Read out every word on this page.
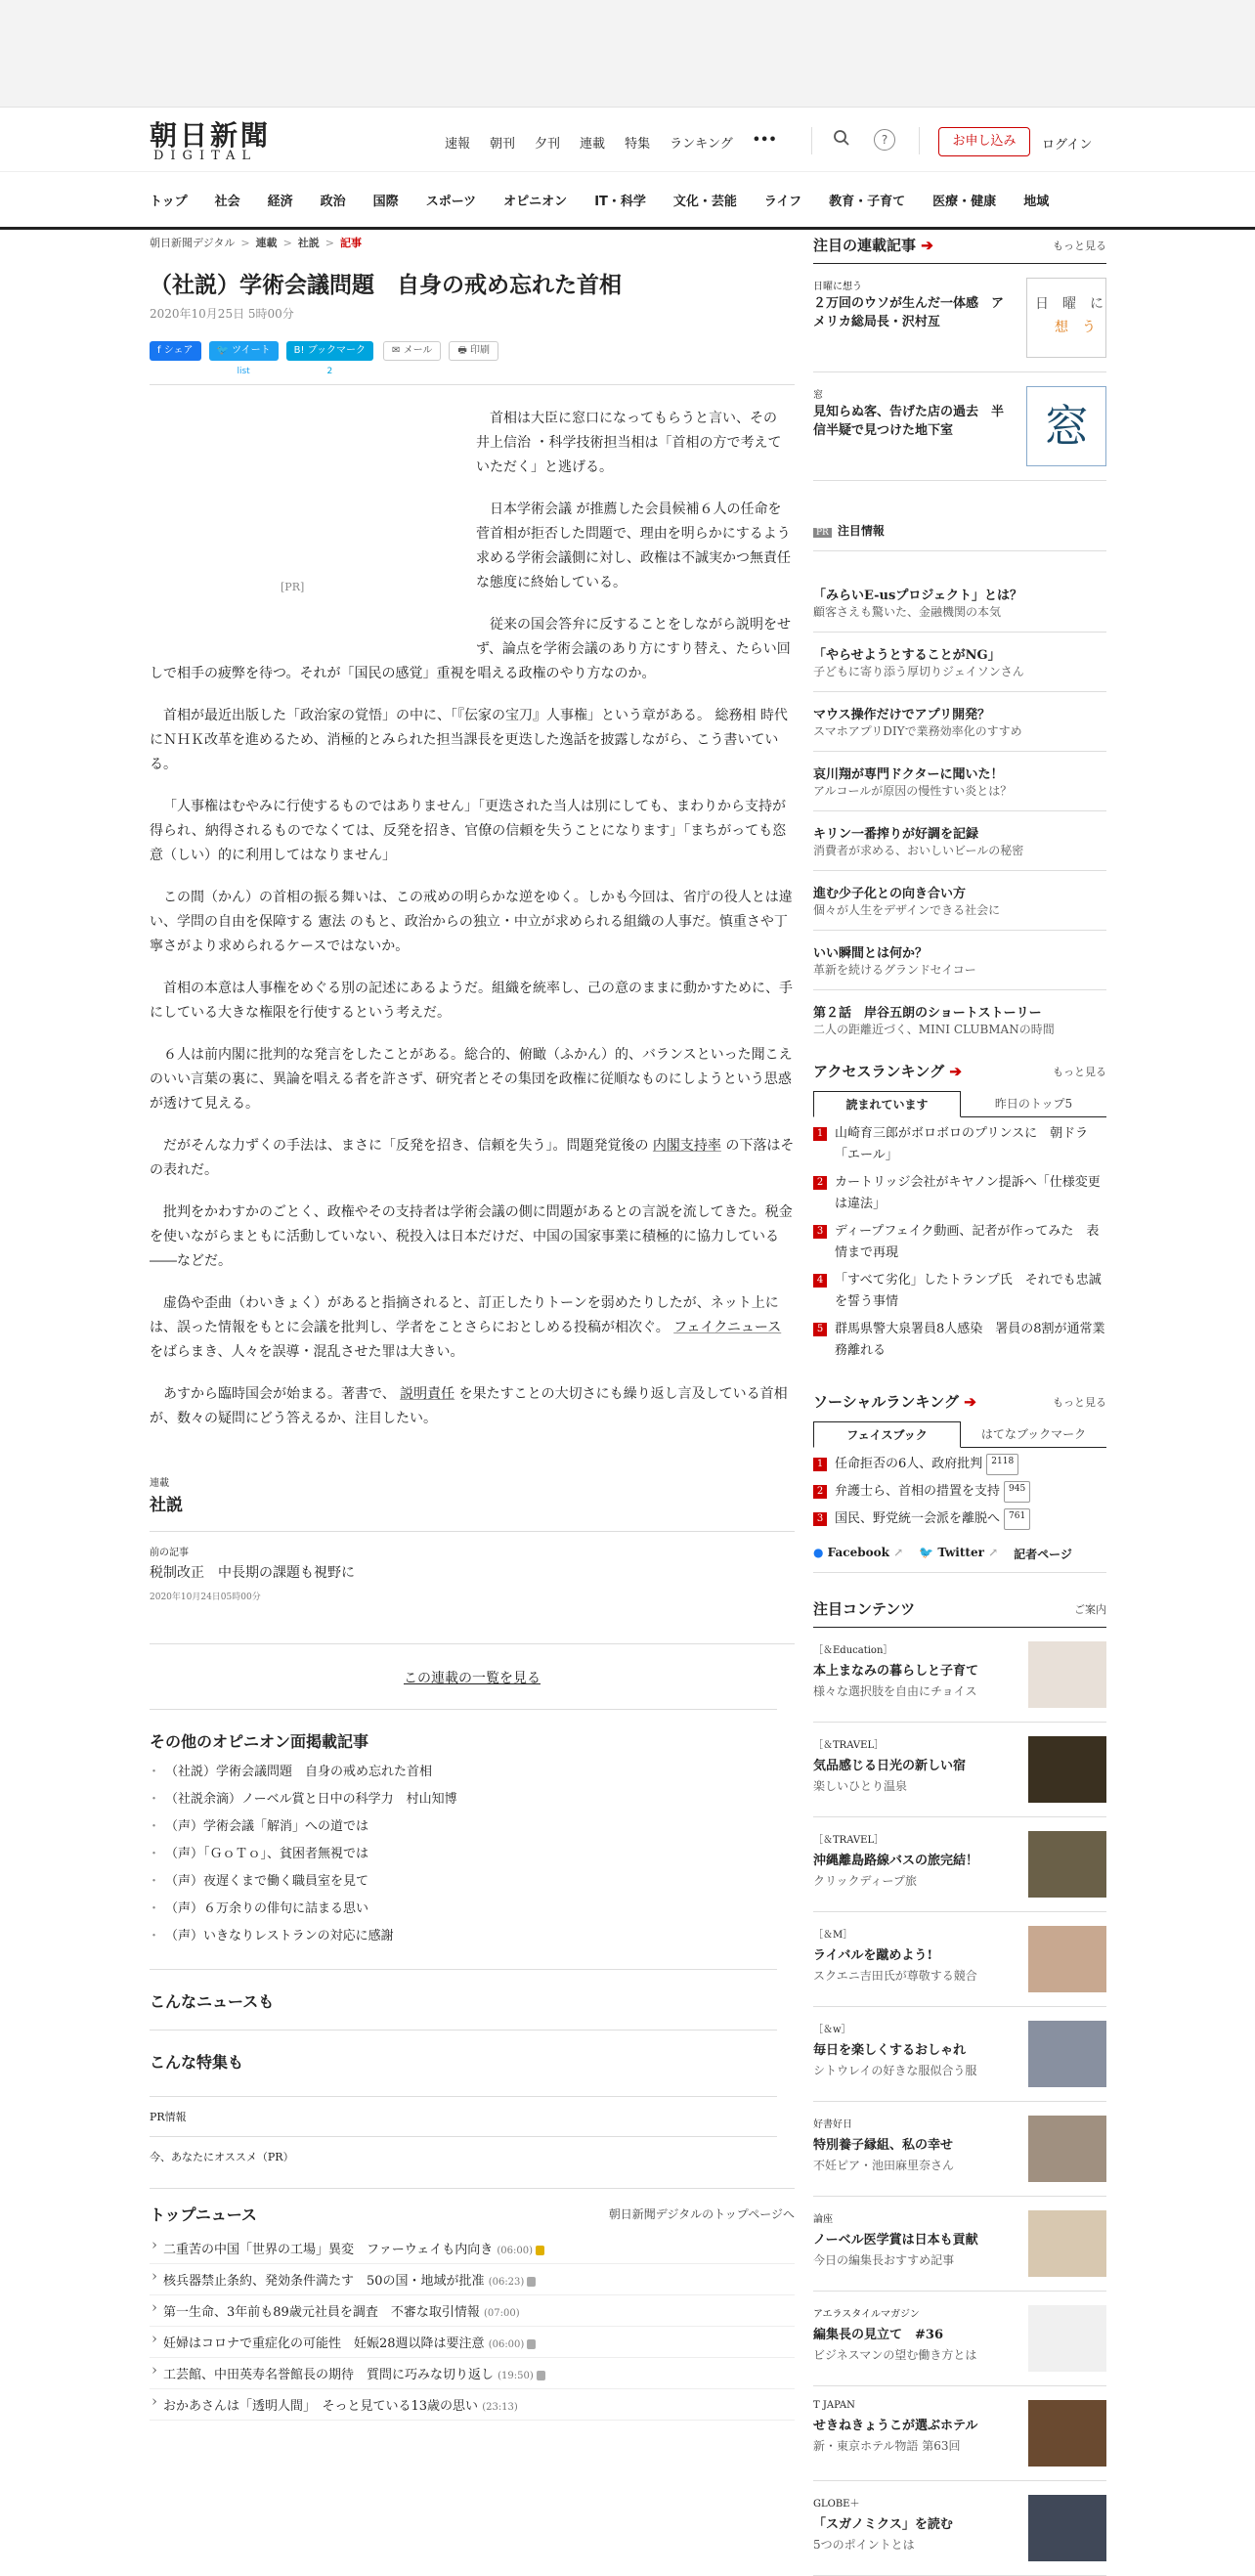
朝日新聞
DIGITAL
速報 朝刊 夕刊 連載 特集 ランキング •••	?	お申し込み	ログイン
トップ 社会 経済 政治 国際 スポーツ オピニオン IT・科学 文化・芸能 ライフ 教育・子育て 医療・健康 地域
朝日新聞デジタル > 連載 > 社説 > 記事
（社説）学術会議問題　自身の戒め忘れた首相
2020年10月25日 5時00分
f シェア	🐦 ツイート
list
B! ブックマーク
2
✉ メール	🖶 印刷
[PR]

首相は大臣に窓口になってもらうと言い、その 井上信治 ・科学技術担当相は「首相の方で考えていただく」と逃げる。

日本学術会議 が推薦した会員候補６人の任命を菅首相が拒否した問題で、理由を明らかにするよう求める学術会議側に対し、政権は不誠実かつ無責任な態度に終始している。

従来の国会答弁に反することをしながら説明をせず、論点を学術会議のあり方にすり替え、たらい回しで相手の疲弊を待つ。それが「国民の感覚」重視を唱える政権のやり方なのか。

首相が最近出版した「政治家の覚悟」の中に、「『伝家の宝刀』人事権」という章がある。 総務相 時代にＮＨＫ改革を進めるため、消極的とみられた担当課長を更迭した逸話を披露しながら、こう書いている。

「人事権はむやみに行使するものではありません」「更迭された当人は別にしても、まわりから支持が得られ、納得されるものでなくては、反発を招き、官僚の信頼を失うことになります」「まちがっても恣意（しい）的に利用してはなりません」

この間（かん）の首相の振る舞いは、この戒めの明らかな逆をゆく。しかも今回は、省庁の役人とは違い、学問の自由を保障する 憲法 のもと、政治からの独立・中立が求められる組織の人事だ。慎重さや丁寧さがより求められるケースではないか。

首相の本意は人事権をめぐる別の記述にあるようだ。組織を統率し、己の意のままに動かすために、手にしている大きな権限を行使するという考えだ。

６人は前内閣に批判的な発言をしたことがある。総合的、俯瞰（ふかん）的、バランスといった聞こえのいい言葉の裏に、異論を唱える者を許さず、研究者とその集団を政権に従順なものにしようという思惑が透けて見える。

だがそんな力ずくの手法は、まさに「反発を招き、信頼を失う」。問題発覚後の 内閣支持率 の下落はその表れだ。

批判をかわすかのごとく、政権やその支持者は学術会議の側に問題があるとの言説を流してきた。税金を使いながらまともに活動していない、税投入は日本だけだ、中国の国家事業に積極的に協力している――などだ。

虚偽や歪曲（わいきょく）があると指摘されると、訂正したりトーンを弱めたりしたが、ネット上には、誤った情報をもとに会議を批判し、学者をことさらにおとしめる投稿が相次ぐ。 フェイクニュース をばらまき、人々を誤導・混乱させた罪は大きい。

あすから臨時国会が始まる。著書で、 説明責任 を果たすことの大切さにも繰り返し言及している首相が、数々の疑問にどう答えるか、注目したい。

連載
社説
前の記事
税制改正　中長期の課題も視野に
2020年10月24日05時00分
この連載の一覧を見る
その他のオピニオン面掲載記事
・ （社説）学術会議問題　自身の戒め忘れた首相
・ （社説余滴）ノーベル賞と日中の科学力　村山知博
・ （声）学術会議「解消」への道では
・ （声）「ＧｏＴｏ」、貧困者無視では
・ （声）夜遅くまで働く職員室を見て
・ （声）６万余りの俳句に詰まる思い
・ （声）いきなりレストランの対応に感謝
こんなニュースも
こんな特集も
PR情報
今、あなたにオススメ（PR）
トップニュース	朝日新聞デジタルのトップページへ
› 二重苦の中国「世界の工場」異変　ファーウェイも内向き (06:00)
› 核兵器禁止条約、発効条件満たす　50の国・地域が批准 (06:23)
› 第一生命、3年前も89歳元社員を調査　不審な取引情報 (07:00)
› 妊婦はコロナで重症化の可能性　妊娠28週以降は要注意 (06:00)
› 工芸館、中田英寿名誉館長の期待　質問に巧みな切り返し (19:50)
› おかあさんは「透明人間」　そっと見ている13歳の思い (23:13)
注目の連載記事 ➔	もっと見る
日曜に想う
２万回のウソが生んだ一体感　アメリカ総局長・沢村亙
日　曜　に
想　う
窓
見知らぬ客、告げた店の過去　半信半疑で見つけた地下室	窓
PR 注目情報
「みらいE-usプロジェクト」とは？
顧客さえも驚いた、金融機関の本気
「やらせようとすることがNG」
子どもに寄り添う厚切りジェイソンさん
マウス操作だけでアプリ開発？
スマホアプリDIYで業務効率化のすすめ
哀川翔が専門ドクターに聞いた！
アルコールが原因の慢性すい炎とは？
キリン一番搾りが好調を記録
消費者が求める、おいしいビールの秘密
進む少子化との向き合い方
個々が人生をデザインできる社会に
いい瞬間とは何か？
革新を続けるグランドセイコー
第２話　岸谷五朗のショートストーリー
二人の距離近づく、MINI CLUBMANの時間
アクセスランキング ➔	もっと見る
読まれています	昨日のトップ5
1 山崎育三郎がボロボロのプリンスに　朝ドラ「エール」
2 カートリッジ会社がキヤノン提訴へ「仕様変更は違法」
3 ディープフェイク動画、記者が作ってみた　表情まで再現
4 「すべて劣化」したトランプ氏　それでも忠誠を誓う事情
5 群馬県警大泉署員8人感染　署員の8割が通常業務離れる
ソーシャルランキング ➔	もっと見る
フェイスブック	はてなブックマーク
1 任命拒否の6人、政府批判	2118
2 弁護士ら、首相の措置を支持	945
3 国民、野党統一会派を離脱へ	761
● Facebook ↗ 🐦 Twitter ↗ 記者ページ
注目コンテンツ	ご案内
［＆Education］
本上まなみの暮らしと子育て
様々な選択肢を自由にチョイス
［＆TRAVEL］
気品感じる日光の新しい宿
楽しいひとり温泉
［＆TRAVEL］
沖縄離島路線バスの旅完結！
クリックディープ旅
［＆M］
ライバルを蹴めよう!
スクエニ吉田氏が尊敬する競合
［＆w］
毎日を楽しくするおしゃれ
シトウレイの好きな服似合う服
好書好日
特別養子縁組、私の幸せ
不妊ピア・池田麻里奈さん
論座
ノーベル医学賞は日本も貢献
今日の編集長おすすめ記事
アエラスタイルマガジン
編集長の見立て　#36
ビジネスマンの望む働き方とは
T JAPAN
せきねきょうこが選ぶホテル
新・東京ホテル物語 第63回
GLOBE＋
「スガノミクス」を読む
5つのポイントとは
